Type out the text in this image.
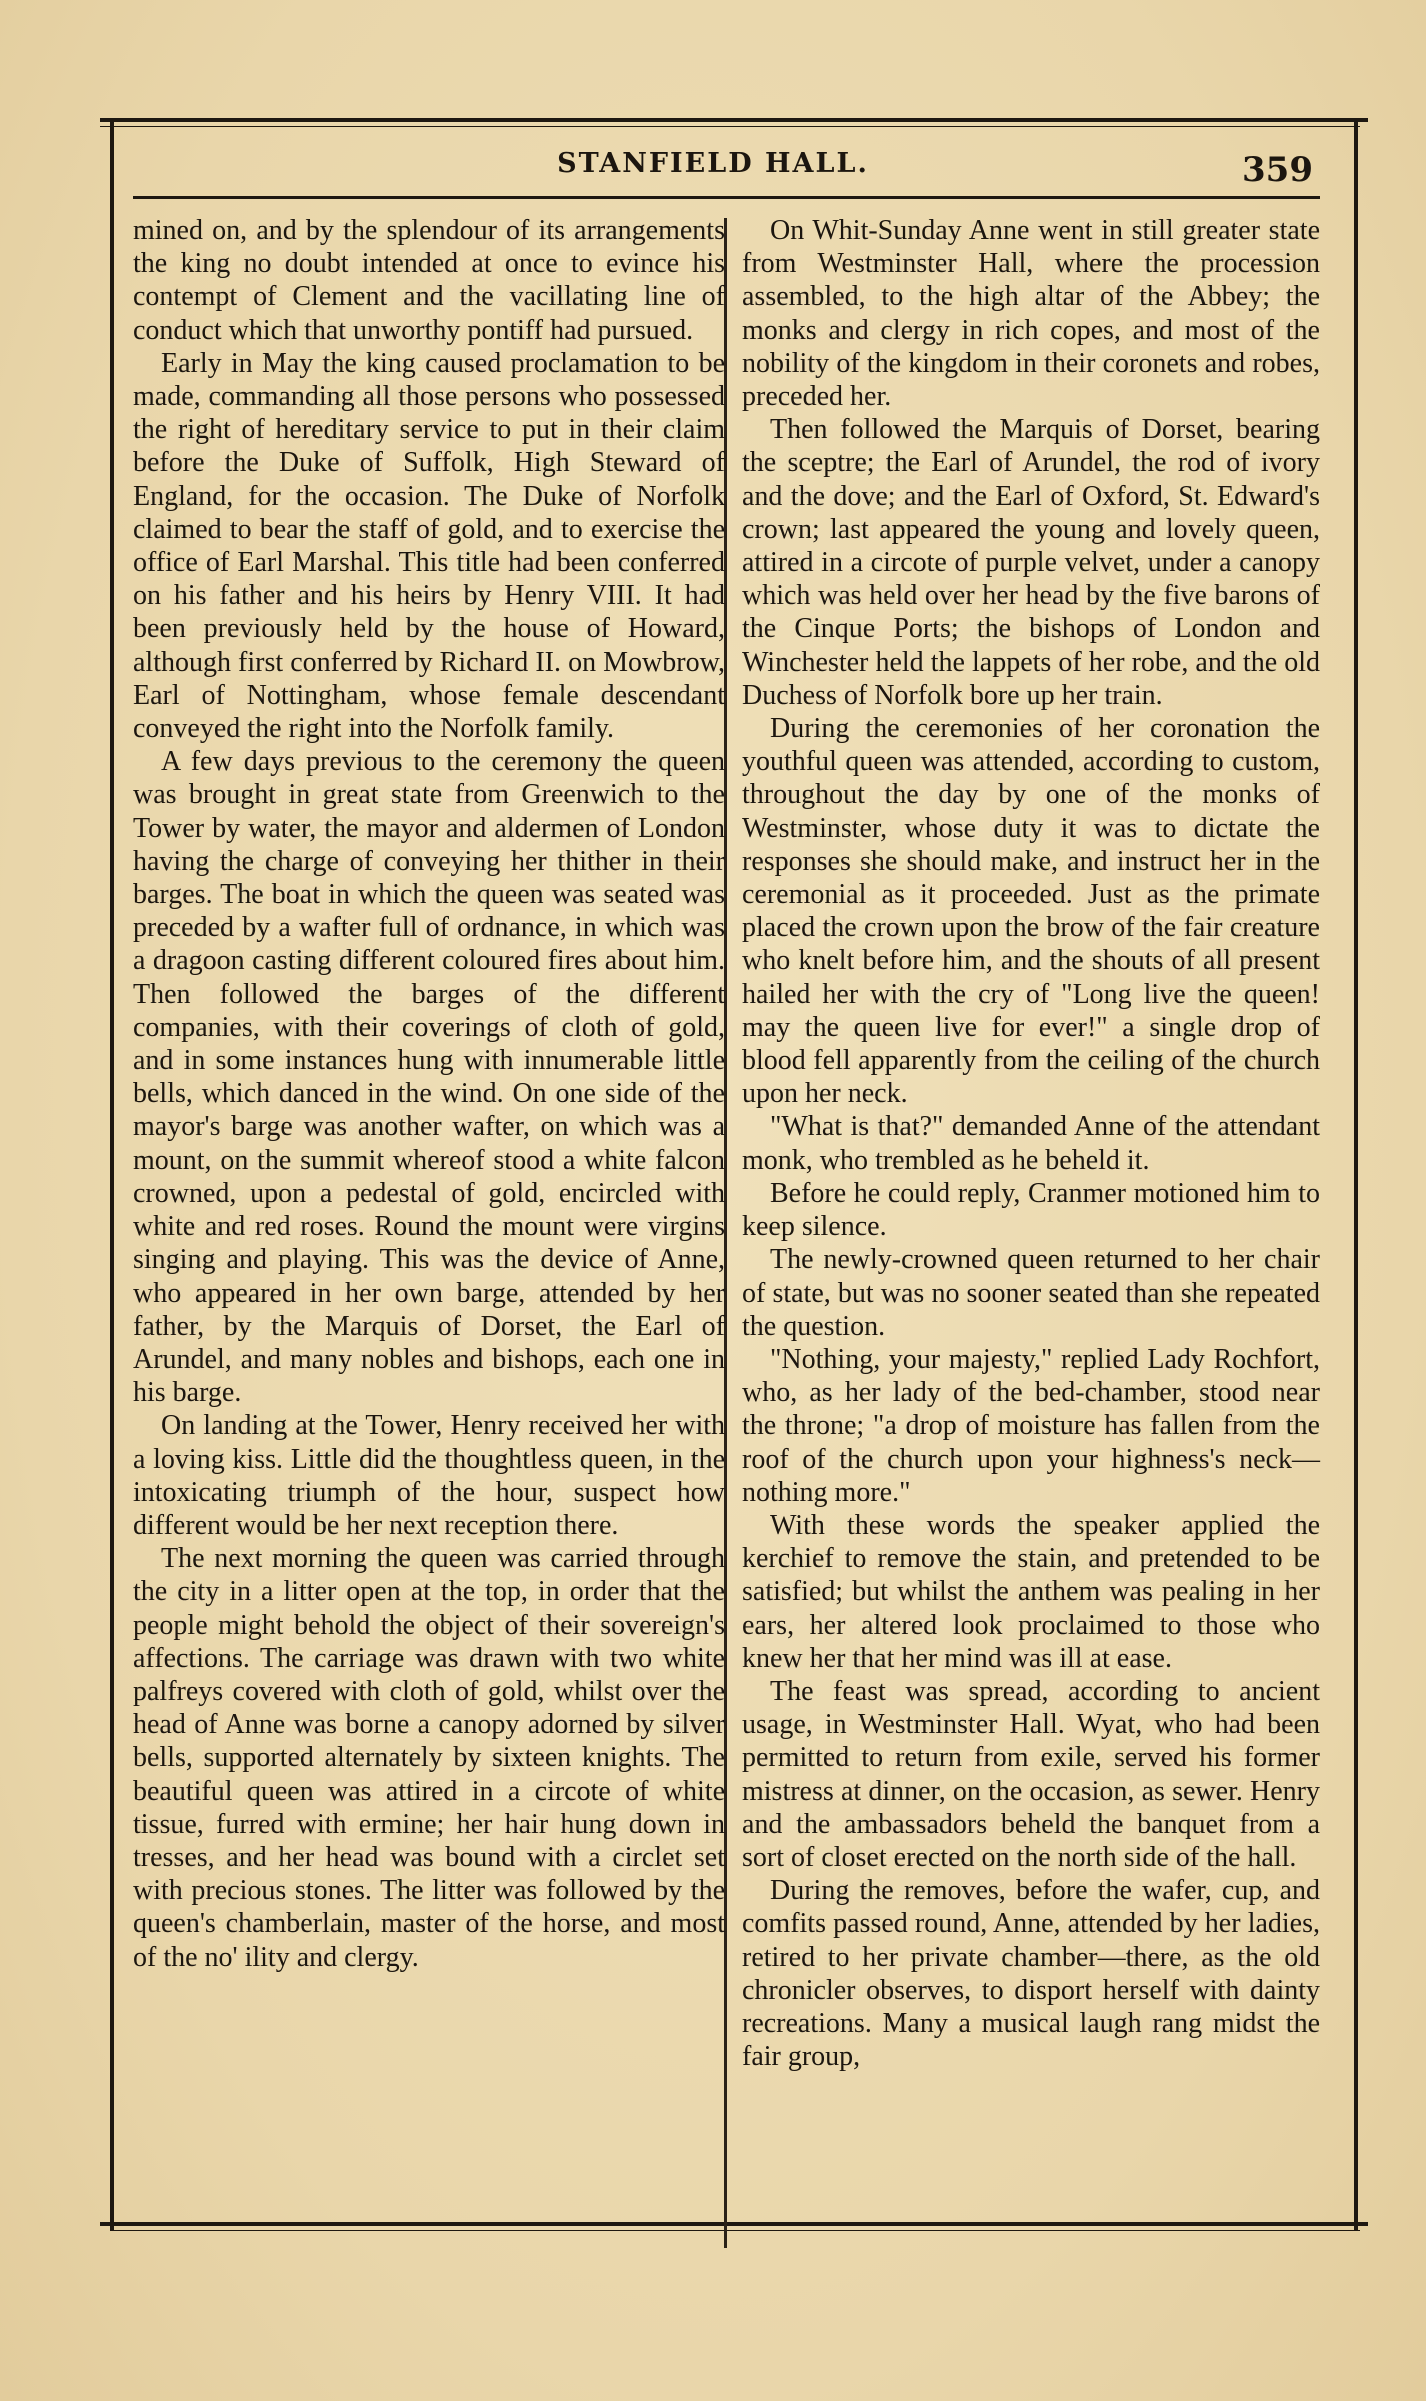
STANFIELD HALL.	359

mined on, and by the splendour of its arrangements the king no doubt intended at once to evince his contempt of Clement and the vacillating line of conduct which that unworthy pontiff had pursued.

Early in May the king caused proclamation to be made, commanding all those persons who possessed the right of hereditary service to put in their claim before the Duke of Suffolk, High Steward of England, for the occasion. The Duke of Norfolk claimed to bear the staff of gold, and to exercise the office of Earl Marshal. This title had been conferred on his father and his heirs by Henry VIII. It had been previously held by the house of Howard, although first conferred by Richard II. on Mowbrow, Earl of Nottingham, whose female descendant conveyed the right into the Norfolk family.

A few days previous to the ceremony the queen was brought in great state from Greenwich to the Tower by water, the mayor and aldermen of London having the charge of conveying her thither in their barges. The boat in which the queen was seated was preceded by a wafter full of ordnance, in which was a dragoon casting different coloured fires about him. Then followed the barges of the different companies, with their coverings of cloth of gold, and in some instances hung with innumerable little bells, which danced in the wind. On one side of the mayor's barge was another wafter, on which was a mount, on the summit whereof stood a white falcon crowned, upon a pedestal of gold, encircled with white and red roses. Round the mount were virgins singing and playing. This was the device of Anne, who appeared in her own barge, attended by her father, by the Marquis of Dorset, the Earl of Arundel, and many nobles and bishops, each one in his barge.

On landing at the Tower, Henry received her with a loving kiss. Little did the thoughtless queen, in the intoxicating triumph of the hour, suspect how different would be her next reception there.

The next morning the queen was carried through the city in a litter open at the top, in order that the people might behold the object of their sovereign's affections. The carriage was drawn with two white palfreys covered with cloth of gold, whilst over the head of Anne was borne a canopy adorned by silver bells, supported alternately by sixteen knights. The beautiful queen was attired in a circote of white tissue, furred with ermine; her hair hung down in tresses, and her head was bound with a circlet set with precious stones. The litter was followed by the queen's chamberlain, master of the horse, and most of the no' ility and clergy.

On Whit-Sunday Anne went in still greater state from Westminster Hall, where the procession assembled, to the high altar of the Abbey; the monks and clergy in rich copes, and most of the nobility of the kingdom in their coronets and robes, preceded her.

Then followed the Marquis of Dorset, bearing the sceptre; the Earl of Arundel, the rod of ivory and the dove; and the Earl of Oxford, St. Edward's crown; last appeared the young and lovely queen, attired in a circote of purple velvet, under a canopy which was held over her head by the five barons of the Cinque Ports; the bishops of London and Winchester held the lappets of her robe, and the old Duchess of Norfolk bore up her train.

During the ceremonies of her coronation the youthful queen was attended, according to custom, throughout the day by one of the monks of Westminster, whose duty it was to dictate the responses she should make, and instruct her in the ceremonial as it proceeded. Just as the primate placed the crown upon the brow of the fair creature who knelt before him, and the shouts of all present hailed her with the cry of "Long live the queen! may the queen live for ever!" a single drop of blood fell apparently from the ceiling of the church upon her neck.

"What is that?" demanded Anne of the attendant monk, who trembled as he beheld it.

Before he could reply, Cranmer motioned him to keep silence.

The newly-crowned queen returned to her chair of state, but was no sooner seated than she repeated the question.

"Nothing, your majesty," replied Lady Rochfort, who, as her lady of the bed-chamber, stood near the throne; "a drop of moisture has fallen from the roof of the church upon your highness's neck—nothing more."

With these words the speaker applied the kerchief to remove the stain, and pretended to be satisfied; but whilst the anthem was pealing in her ears, her altered look proclaimed to those who knew her that her mind was ill at ease.

The feast was spread, according to ancient usage, in Westminster Hall. Wyat, who had been permitted to return from exile, served his former mistress at dinner, on the occasion, as sewer. Henry and the ambassadors beheld the banquet from a sort of closet erected on the north side of the hall.

During the removes, before the wafer, cup, and comfits passed round, Anne, attended by her ladies, retired to her private chamber—there, as the old chronicler observes, to disport herself with dainty recreations. Many a musical laugh rang midst the fair group,
